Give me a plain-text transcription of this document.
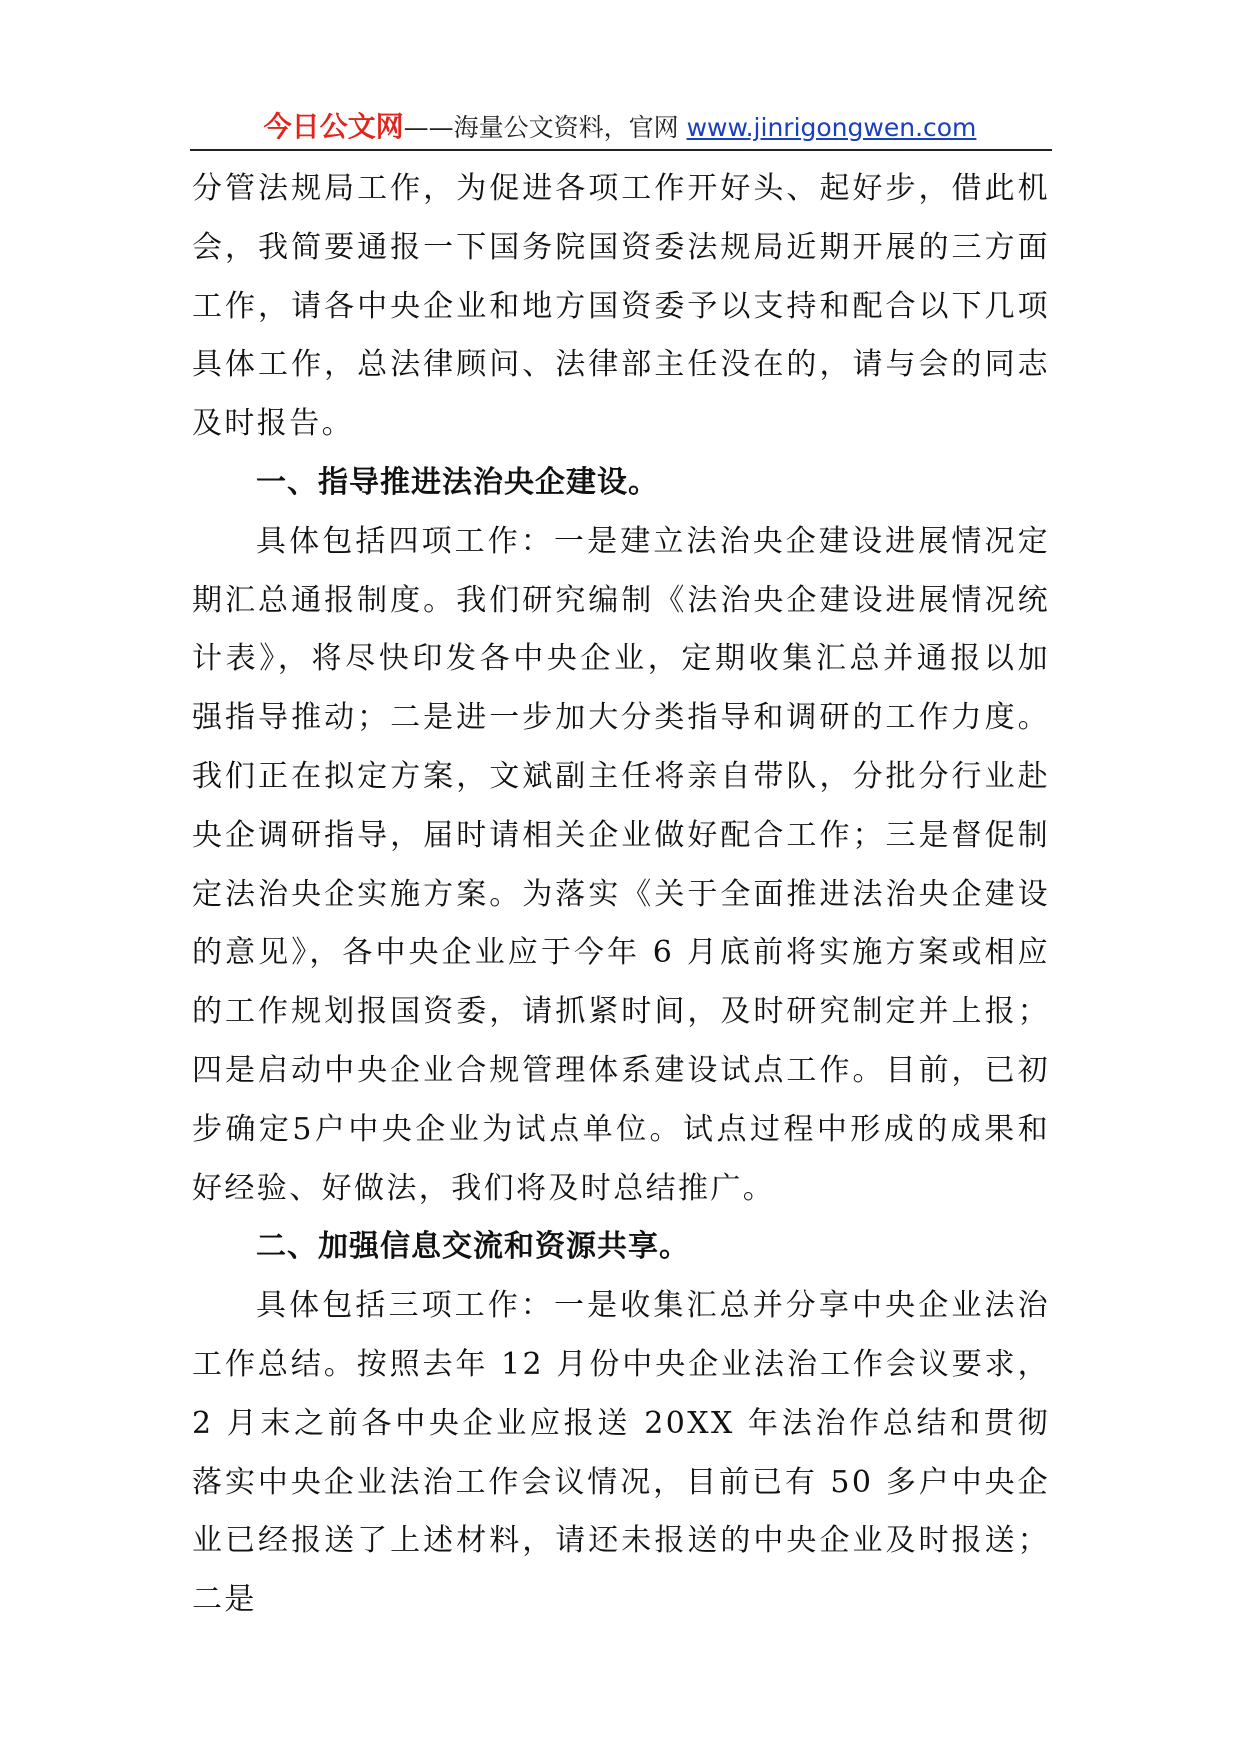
今日公文网——海量公文资料，官网 www.jinrigongwen.com

分管法规局工作，为促进各项工作开好头、起好步，借此机会，我简要通报一下国务院国资委法规局近期开展的三方面工作，请各中央企业和地方国资委予以支持和配合以下几项具体工作，总法律顾问、法律部主任没在的，请与会的同志及时报告。

一、指导推进法治央企建设。

具体包括四项工作：一是建立法治央企建设进展情况定期汇总通报制度。我们研究编制《法治央企建设进展情况统计表》，将尽快印发各中央企业，定期收集汇总并通报以加强指导推动；二是进一步加大分类指导和调研的工作力度。我们正在拟定方案，文斌副主任将亲自带队，分批分行业赴央企调研指导，届时请相关企业做好配合工作；三是督促制定法治央企实施方案。为落实《关于全面推进法治央企建设的意见》，各中央企业应于今年 6 月底前将实施方案或相应的工作规划报国资委，请抓紧时间，及时研究制定并上报；四是启动中央企业合规管理体系建设试点工作。目前，已初步确定5户中央企业为试点单位。试点过程中形成的成果和好经验、好做法，我们将及时总结推广。

二、加强信息交流和资源共享。

具体包括三项工作：一是收集汇总并分享中央企业法治工作总结。按照去年 12 月份中央企业法治工作会议要求，2 月末之前各中央企业应报送 20XX 年法治作总结和贯彻落实中央企业法治工作会议情况，目前已有 50 多户中央企业已经报送了上述材料，请还未报送的中央企业及时报送；二是
